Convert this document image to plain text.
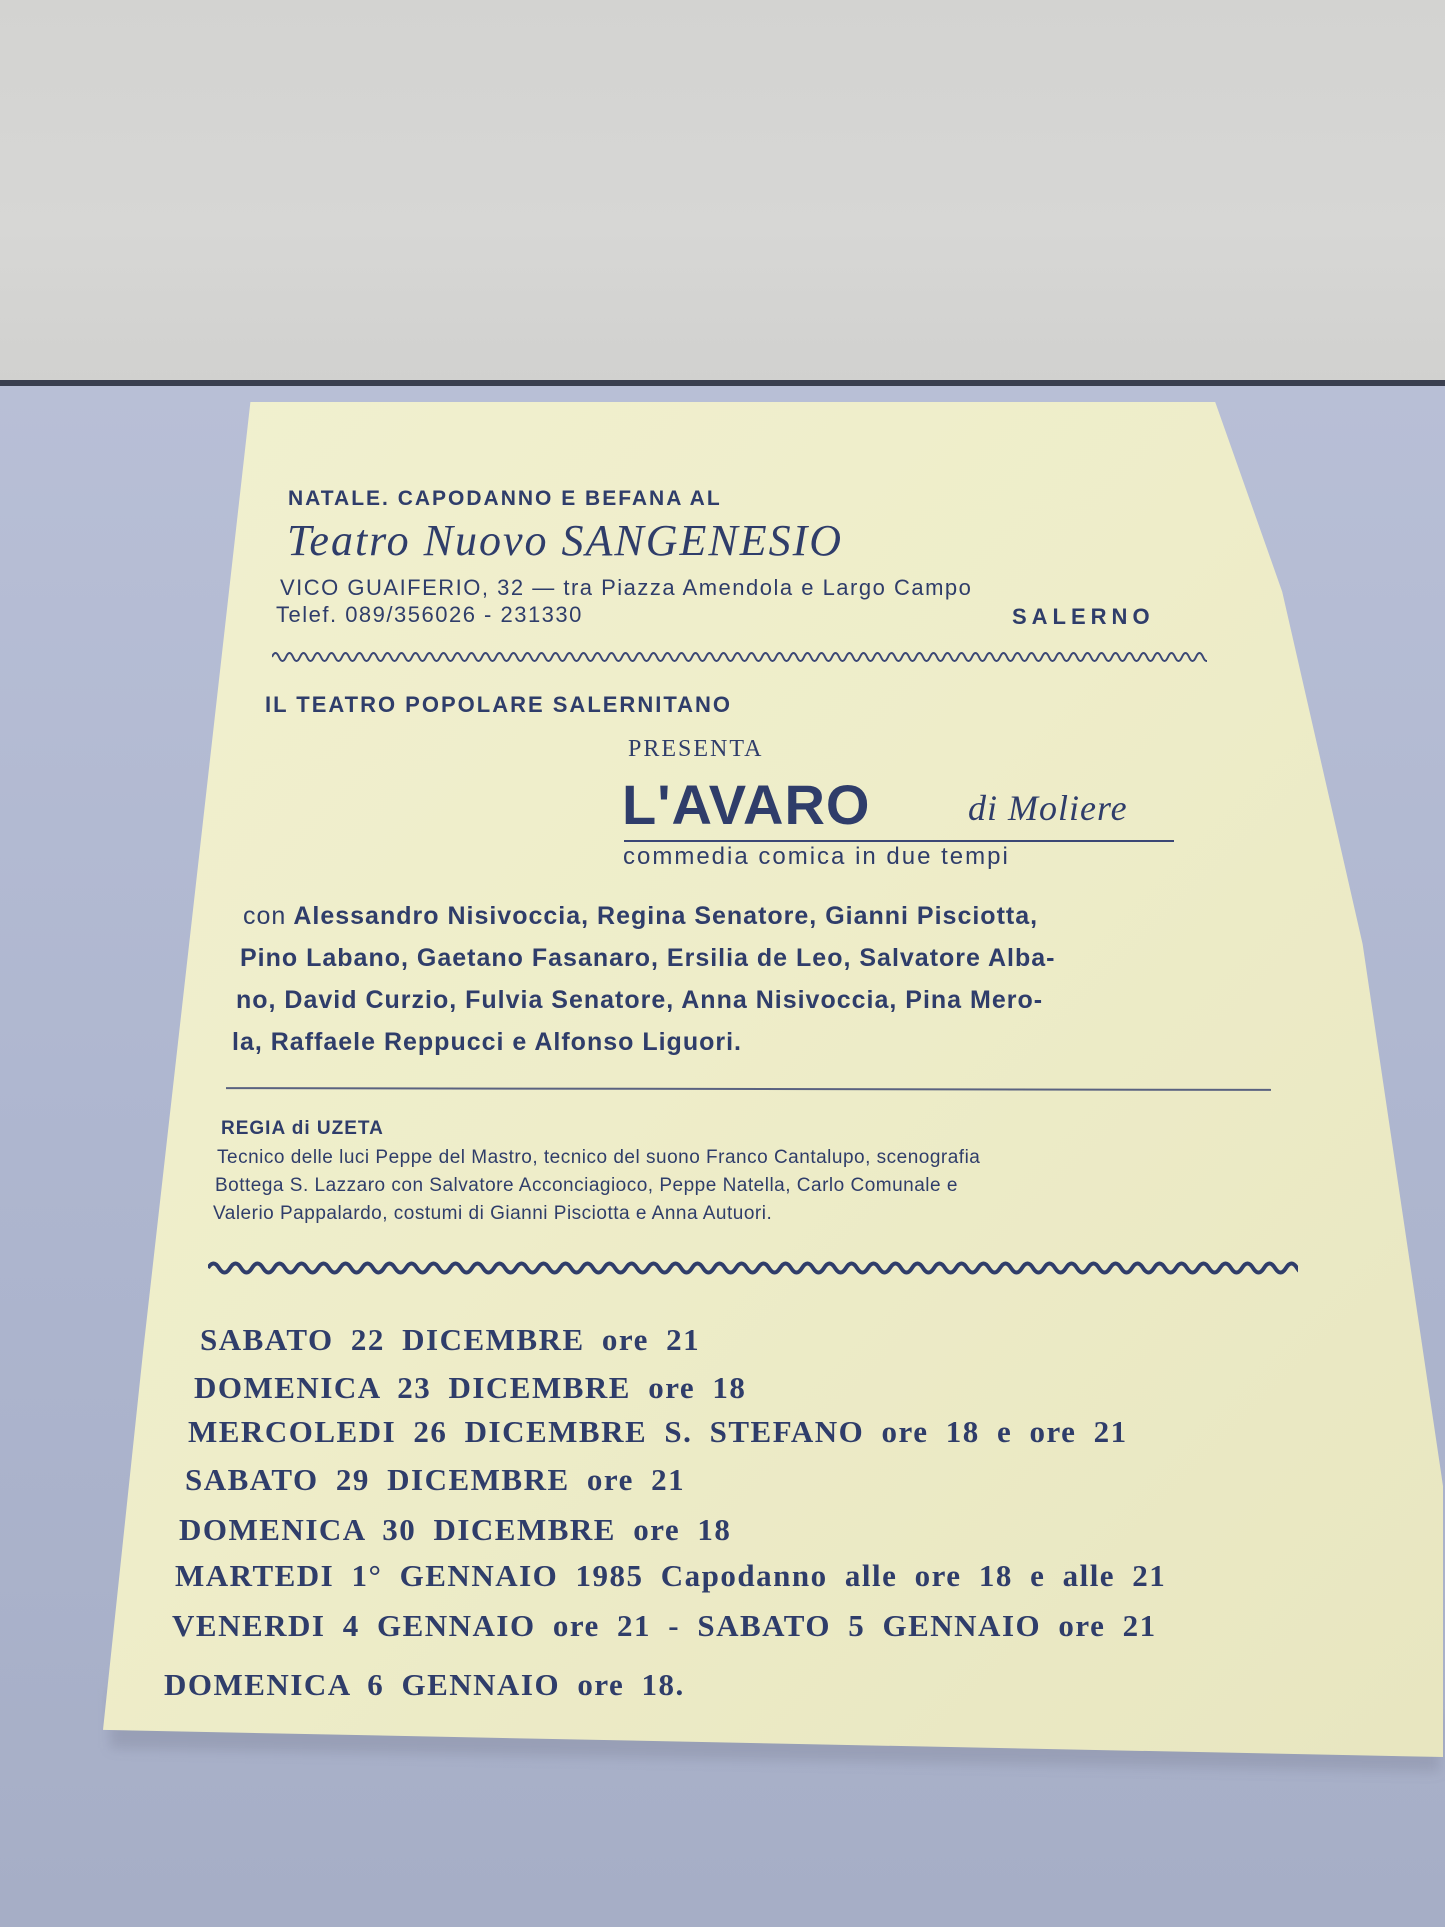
NATALE. CAPODANNO E BEFANA AL
Teatro Nuovo SANGENESIO
VICO GUAIFERIO, 32 — tra Piazza Amendola e Largo Campo
Telef. 089/356026 - 231330	SALERNO
IL TEATRO POPOLARE SALERNITANO
PRESENTA
L'AVARO	di Moliere
commedia comica in due tempi
con Alessandro Nisivoccia, Regina Senatore, Gianni Pisciotta,
Pino Labano, Gaetano Fasanaro, Ersilia de Leo, Salvatore Alba-
no, David Curzio, Fulvia Senatore, Anna Nisivoccia, Pina Mero-
la, Raffaele Reppucci e Alfonso Liguori.
REGIA di UZETA
Tecnico delle luci Peppe del Mastro, tecnico del suono Franco Cantalupo, scenografia
Bottega S. Lazzaro con Salvatore Acconciagioco, Peppe Natella, Carlo Comunale e
Valerio Pappalardo, costumi di Gianni Pisciotta e Anna Autuori.
SABATO 22 DICEMBRE ore 21
DOMENICA 23 DICEMBRE ore 18
MERCOLEDI 26 DICEMBRE S. STEFANO ore 18 e ore 21
SABATO 29 DICEMBRE ore 21
DOMENICA 30 DICEMBRE ore 18
MARTEDI 1° GENNAIO 1985 Capodanno alle ore 18 e alle 21
VENERDI 4 GENNAIO ore 21 - SABATO 5 GENNAIO ore 21
DOMENICA 6 GENNAIO ore 18.
